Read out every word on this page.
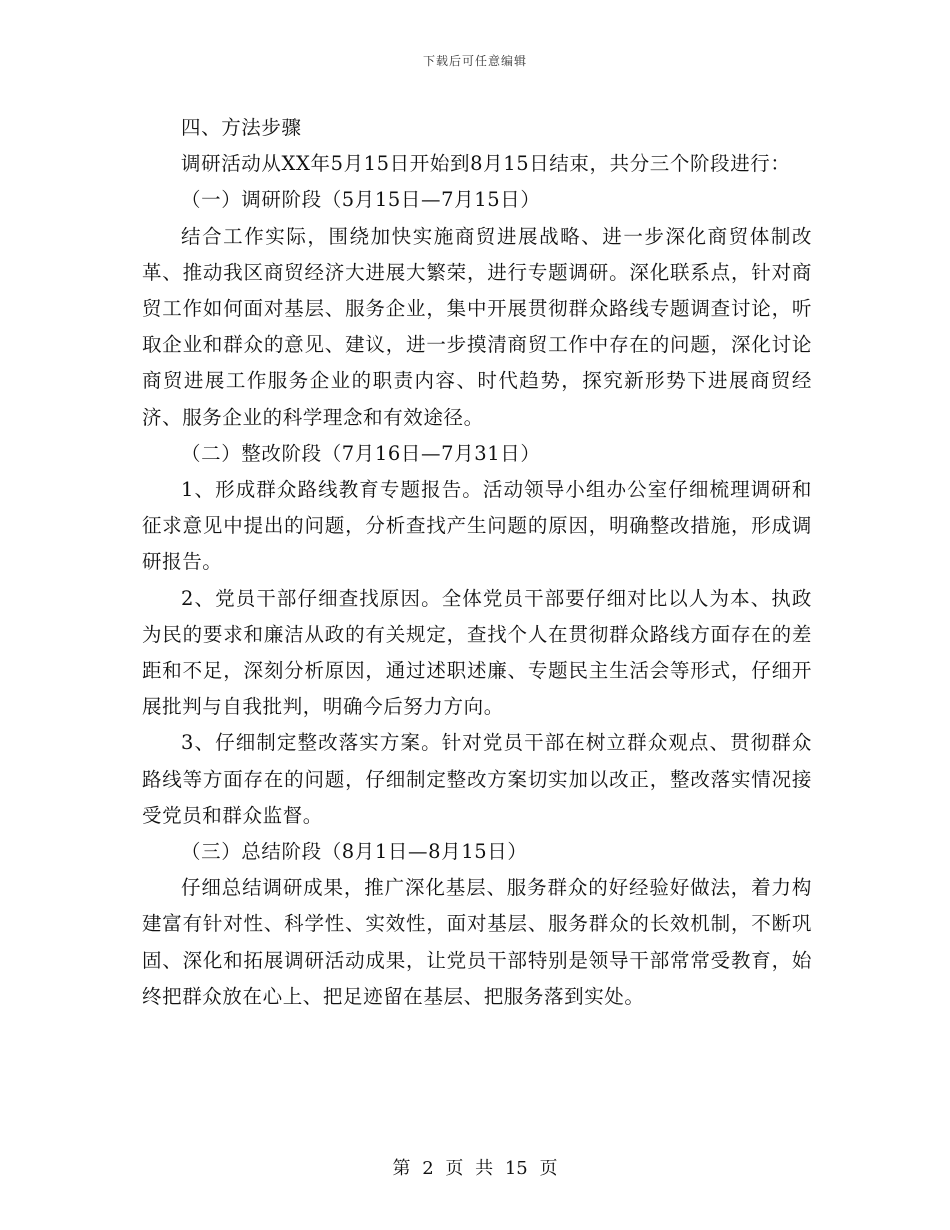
下载后可任意编辑

四、方法步骤

调研活动从XX年5月15日开始到8月15日结束，共分三个阶段进行：

（一）调研阶段（5月15日—7月15日）

结合工作实际，围绕加快实施商贸进展战略、进一步深化商贸体制改革、推动我区商贸经济大进展大繁荣，进行专题调研。深化联系点，针对商贸工作如何面对基层、服务企业，集中开展贯彻群众路线专题调查讨论，听取企业和群众的意见、建议，进一步摸清商贸工作中存在的问题，深化讨论商贸进展工作服务企业的职责内容、时代趋势，探究新形势下进展商贸经济、服务企业的科学理念和有效途径。

（二）整改阶段（7月16日—7月31日）

1、形成群众路线教育专题报告。活动领导小组办公室仔细梳理调研和征求意见中提出的问题，分析查找产生问题的原因，明确整改措施，形成调研报告。

2、党员干部仔细查找原因。全体党员干部要仔细对比以人为本、执政为民的要求和廉洁从政的有关规定，查找个人在贯彻群众路线方面存在的差距和不足，深刻分析原因，通过述职述廉、专题民主生活会等形式，仔细开展批判与自我批判，明确今后努力方向。

3、仔细制定整改落实方案。针对党员干部在树立群众观点、贯彻群众路线等方面存在的问题，仔细制定整改方案切实加以改正，整改落实情况接受党员和群众监督。

（三）总结阶段（8月1日—8月15日）

仔细总结调研成果，推广深化基层、服务群众的好经验好做法，着力构建富有针对性、科学性、实效性，面对基层、服务群众的长效机制，不断巩固、深化和拓展调研活动成果，让党员干部特别是领导干部常常受教育，始终把群众放在心上、把足迹留在基层、把服务落到实处。

第 2 页 共 15 页
